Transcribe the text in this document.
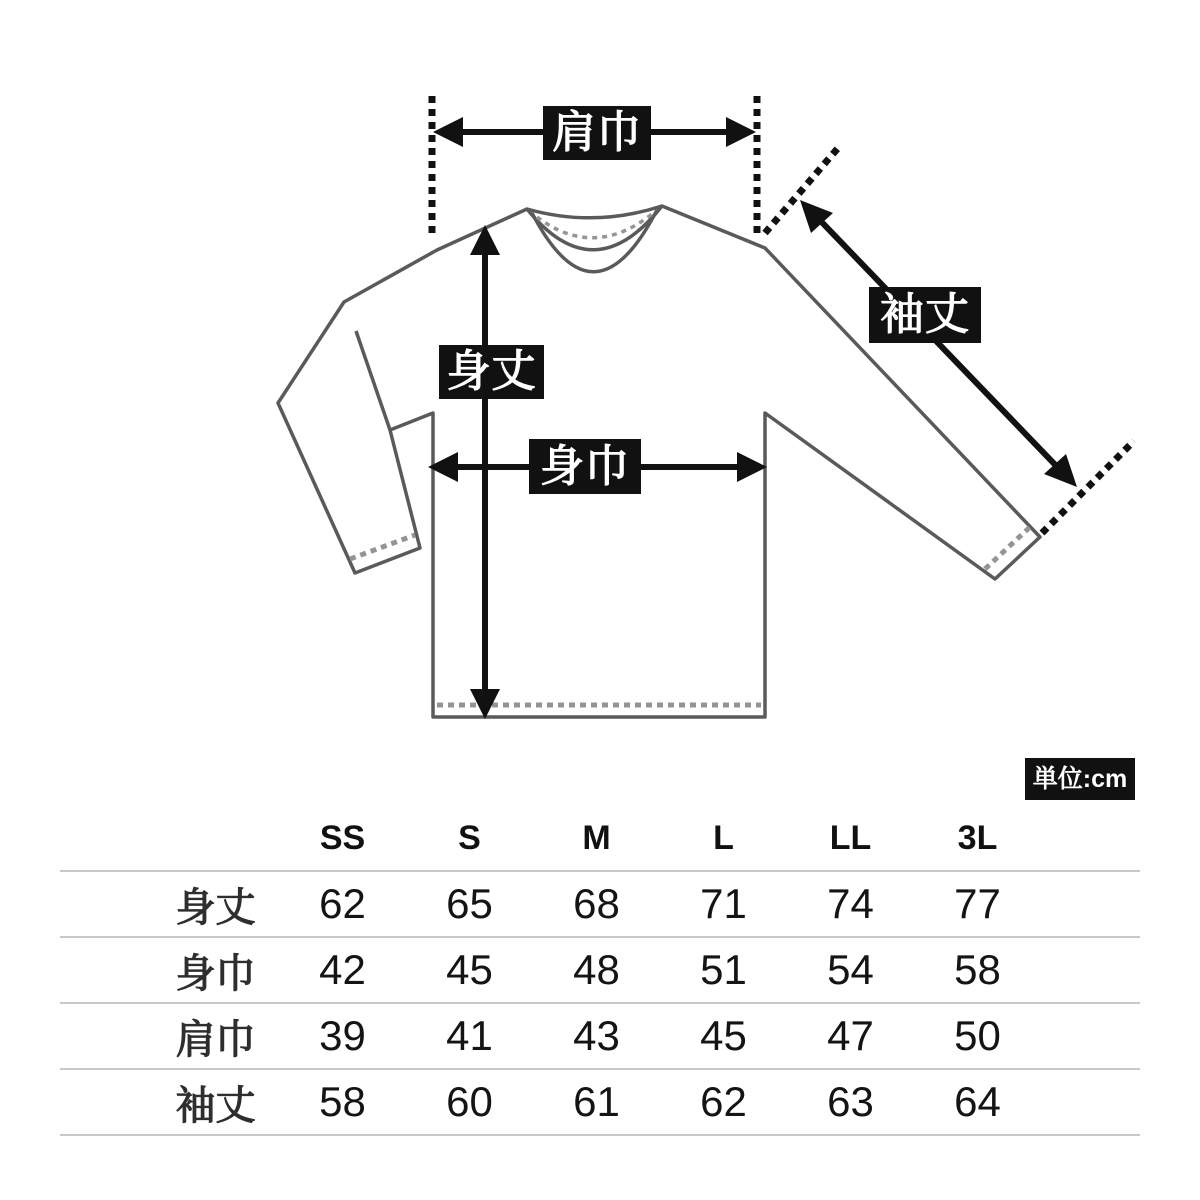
肩巾
身丈
身巾
袖丈
単位:cm
SS	S	M	L	LL	3L
身丈	62	65	68	71	74	77
身巾	42	45	48	51	54	58
肩巾	39	41	43	45	47	50
袖丈	58	60	61	62	63	64
